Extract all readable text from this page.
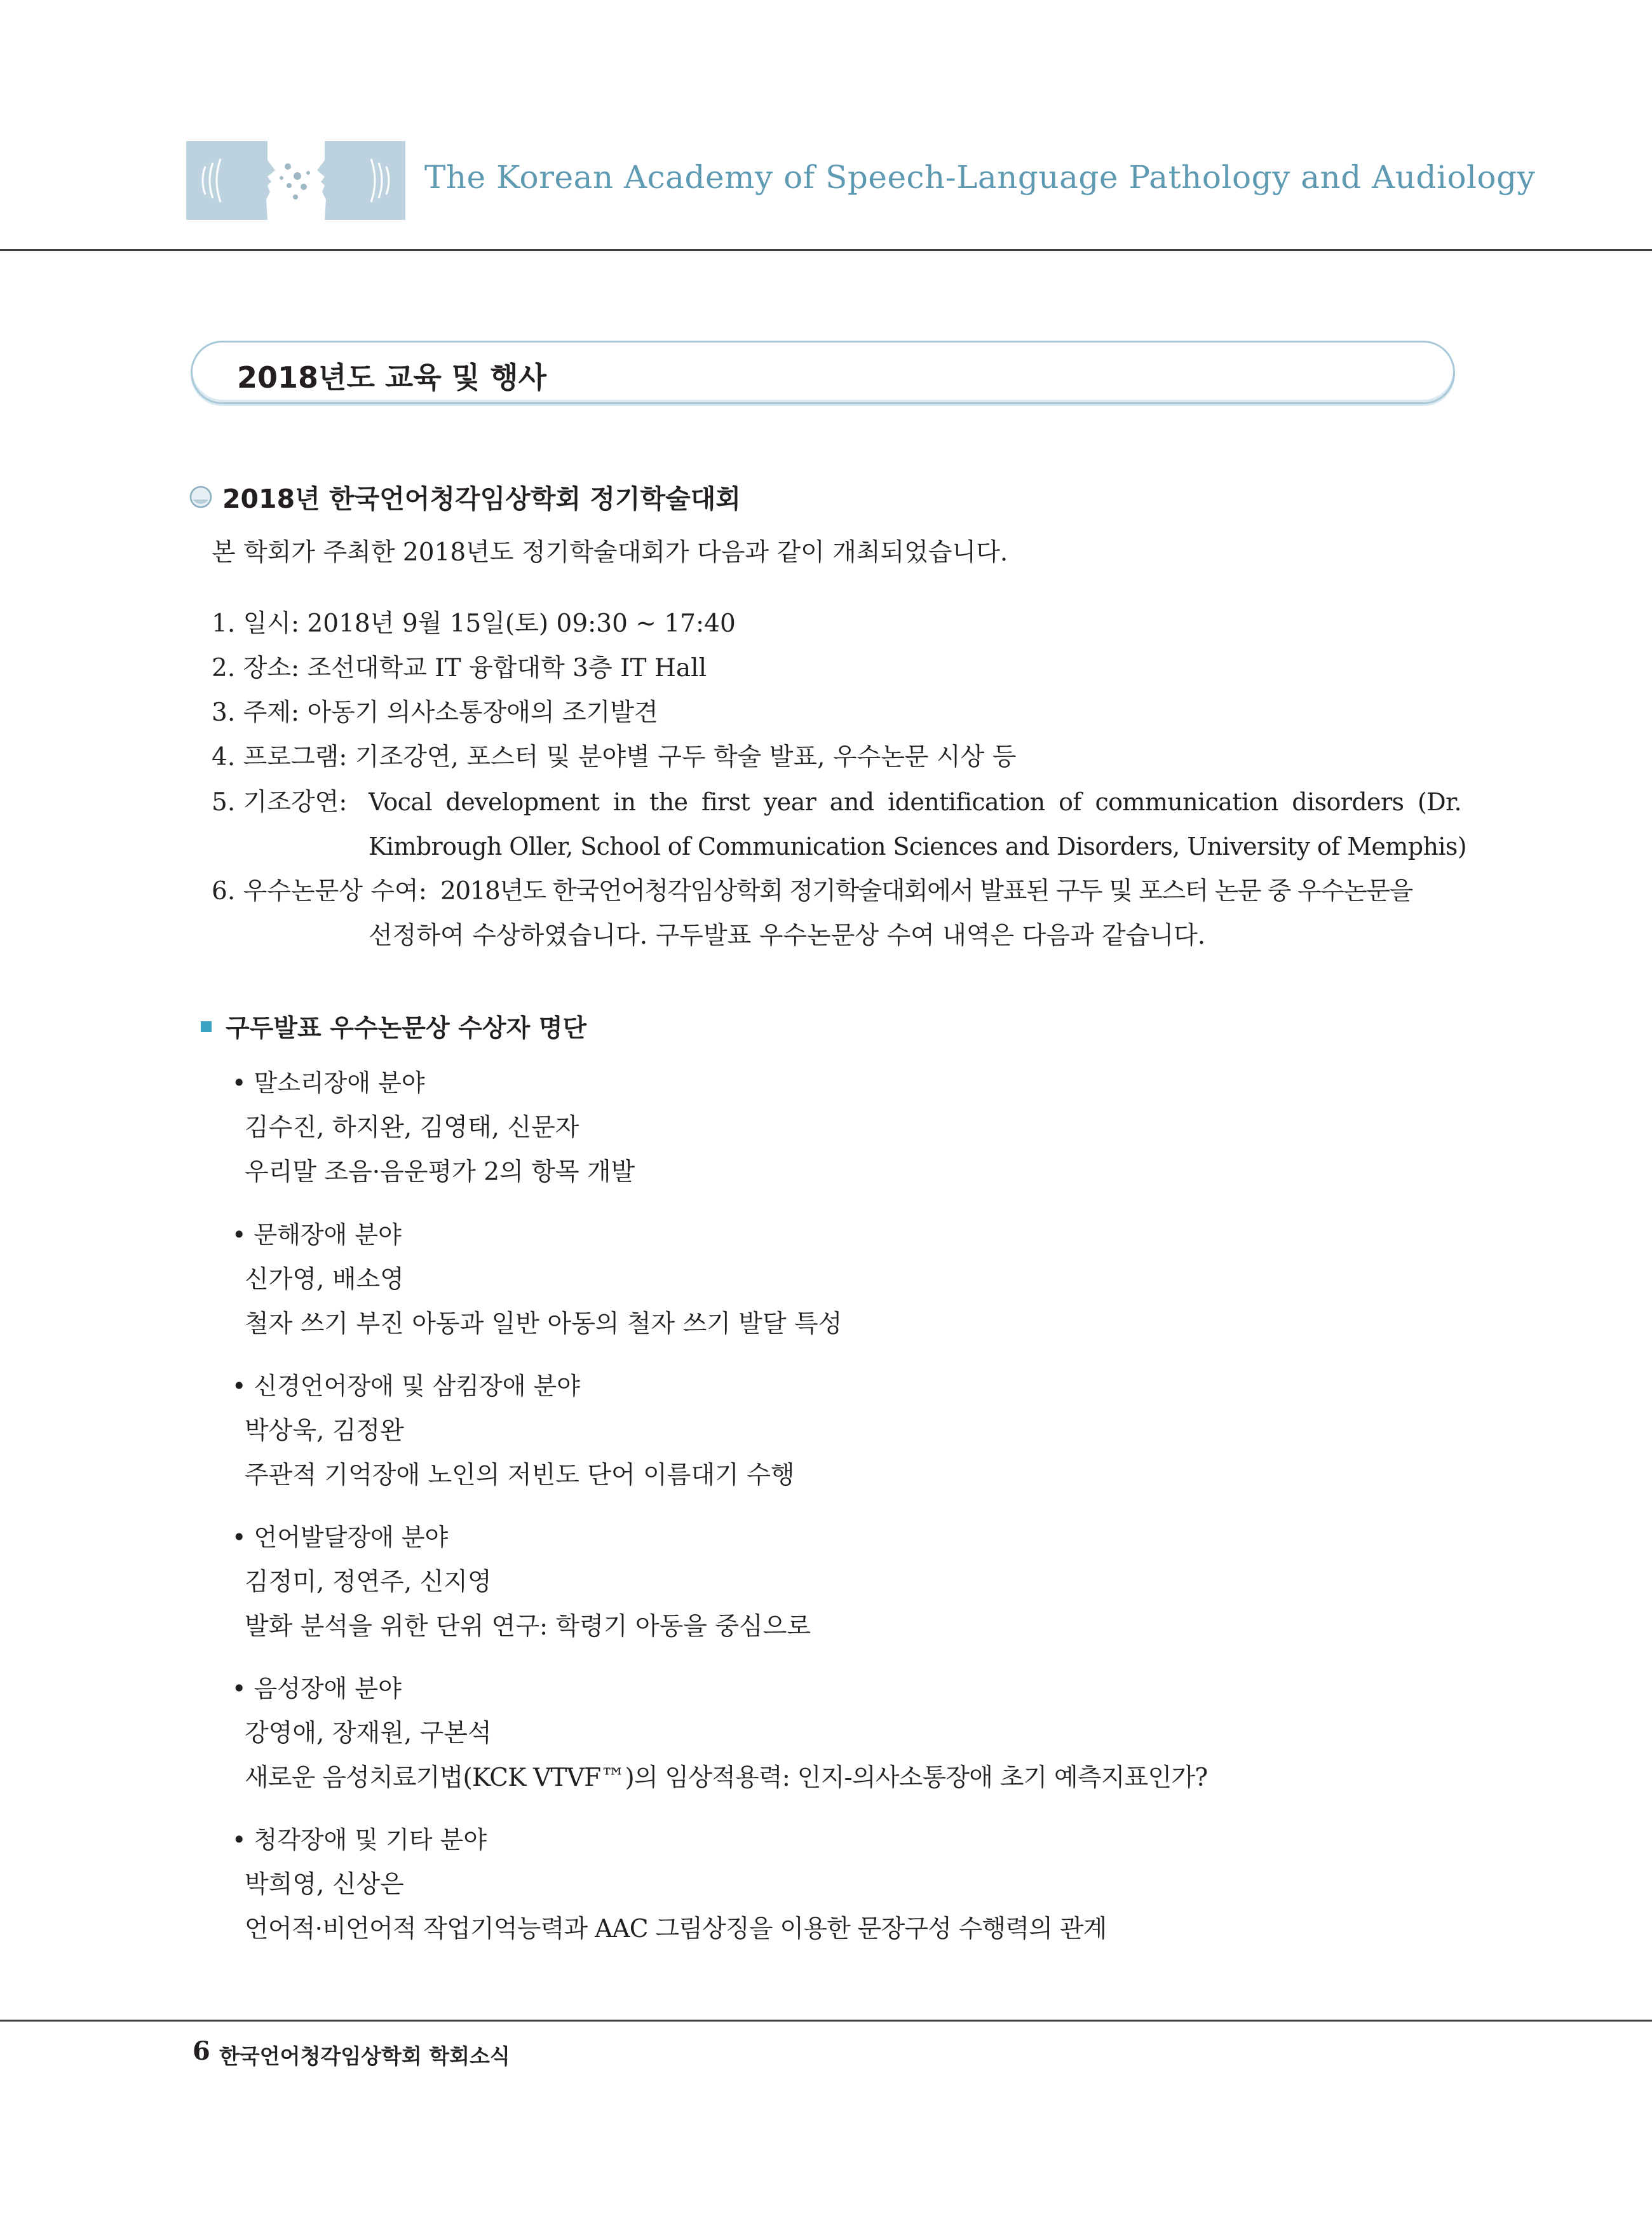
The Korean Academy of Speech-Language Pathology and Audiology
2018년도 교육 및 행사
2018년 한국언어청각임상학회 정기학술대회
본 학회가 주최한 2018년도 정기학술대회가 다음과 같이 개최되었습니다.
1. 일시: 2018년 9월 15일(토) 09:30 ~ 17:40
2. 장소: 조선대학교 IT 융합대학 3층 IT Hall
3. 주제: 아동기 의사소통장애의 조기발견
4. 프로그램: 기조강연, 포스터 및 분야별 구두 학술 발표, 우수논문 시상 등
5. 기조강연: Vocal development in the first year and identification of communication disorders (Dr.
Kimbrough Oller, School of Communication Sciences and Disorders, University of Memphis)
6. 우수논문상 수여: 2018년도 한국언어청각임상학회 정기학술대회에서 발표된 구두 및 포스터 논문 중 우수논문을
선정하여 수상하였습니다. 구두발표 우수논문상 수여 내역은 다음과 같습니다.
구두발표 우수논문상 수상자 명단
• 말소리장애 분야
김수진, 하지완, 김영태, 신문자
우리말 조음·음운평가 2의 항목 개발
• 문해장애 분야
신가영, 배소영
철자 쓰기 부진 아동과 일반 아동의 철자 쓰기 발달 특성
• 신경언어장애 및 삼킴장애 분야
박상욱, 김정완
주관적 기억장애 노인의 저빈도 단어 이름대기 수행
• 언어발달장애 분야
김정미, 정연주, 신지영
발화 분석을 위한 단위 연구: 학령기 아동을 중심으로
• 음성장애 분야
강영애, 장재원, 구본석
새로운 음성치료기법(KCK VTVF™)의 임상적용력: 인지-의사소통장애 초기 예측지표인가?
• 청각장애 및 기타 분야
박희영, 신상은
언어적·비언어적 작업기억능력과 AAC 그림상징을 이용한 문장구성 수행력의 관계
6 한국언어청각임상학회 학회소식
